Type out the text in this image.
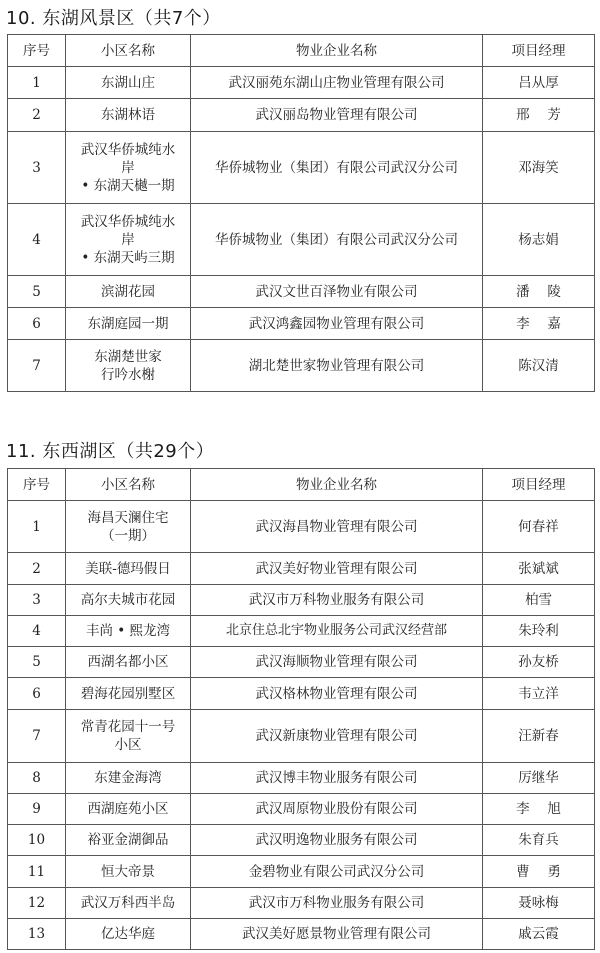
10. 东湖风景区（共7个）
序号	小区名称	物业企业名称	项目经理
1	东湖山庄	武汉丽苑东湖山庄物业管理有限公司	吕从厚
2	东湖林语	武汉丽岛物业管理有限公司	邢　 芳
3	武汉华侨城纯水
岸
• 东湖天樾一期	华侨城物业（集团）有限公司武汉分公司	邓海笑
4	武汉华侨城纯水
岸
• 东湖天屿三期	华侨城物业（集团）有限公司武汉分公司	杨志娟
5	滨湖花园	武汉文世百泽物业有限公司	潘　 陵
6	东湖庭园一期	武汉鸿鑫园物业管理有限公司	李　 嘉
7	东湖楚世家
行吟水榭	湖北楚世家物业管理有限公司	陈汉清
11. 东西湖区（共29个）
序号	小区名称	物业企业名称	项目经理
1	海昌天澜住宅
（一期）	武汉海昌物业管理有限公司	何春祥
2	美联-德玛假日	武汉美好物业管理有限公司	张斌斌
3	高尔夫城市花园	武汉市万科物业服务有限公司	柏雪
4	丰尚 • 熙龙湾	北京住总北宇物业服务公司武汉经营部	朱玲利
5	西湖名都小区	武汉海顺物业管理有限公司	孙友桥
6	碧海花园别墅区	武汉格林物业管理有限公司	韦立洋
7	常青花园十一号
小区	武汉新康物业管理有限公司	汪新春
8	东建金海湾	武汉博丰物业服务有限公司	厉继华
9	西湖庭苑小区	武汉周原物业股份有限公司	李　 旭
10	裕亚金湖御品	武汉明逸物业服务有限公司	朱育兵
11	恒大帝景	金碧物业有限公司武汉分公司	曹　 勇
12	武汉万科西半岛	武汉市万科物业服务有限公司	聂咏梅
13	亿达华庭	武汉美好愿景物业管理有限公司	戚云霞
